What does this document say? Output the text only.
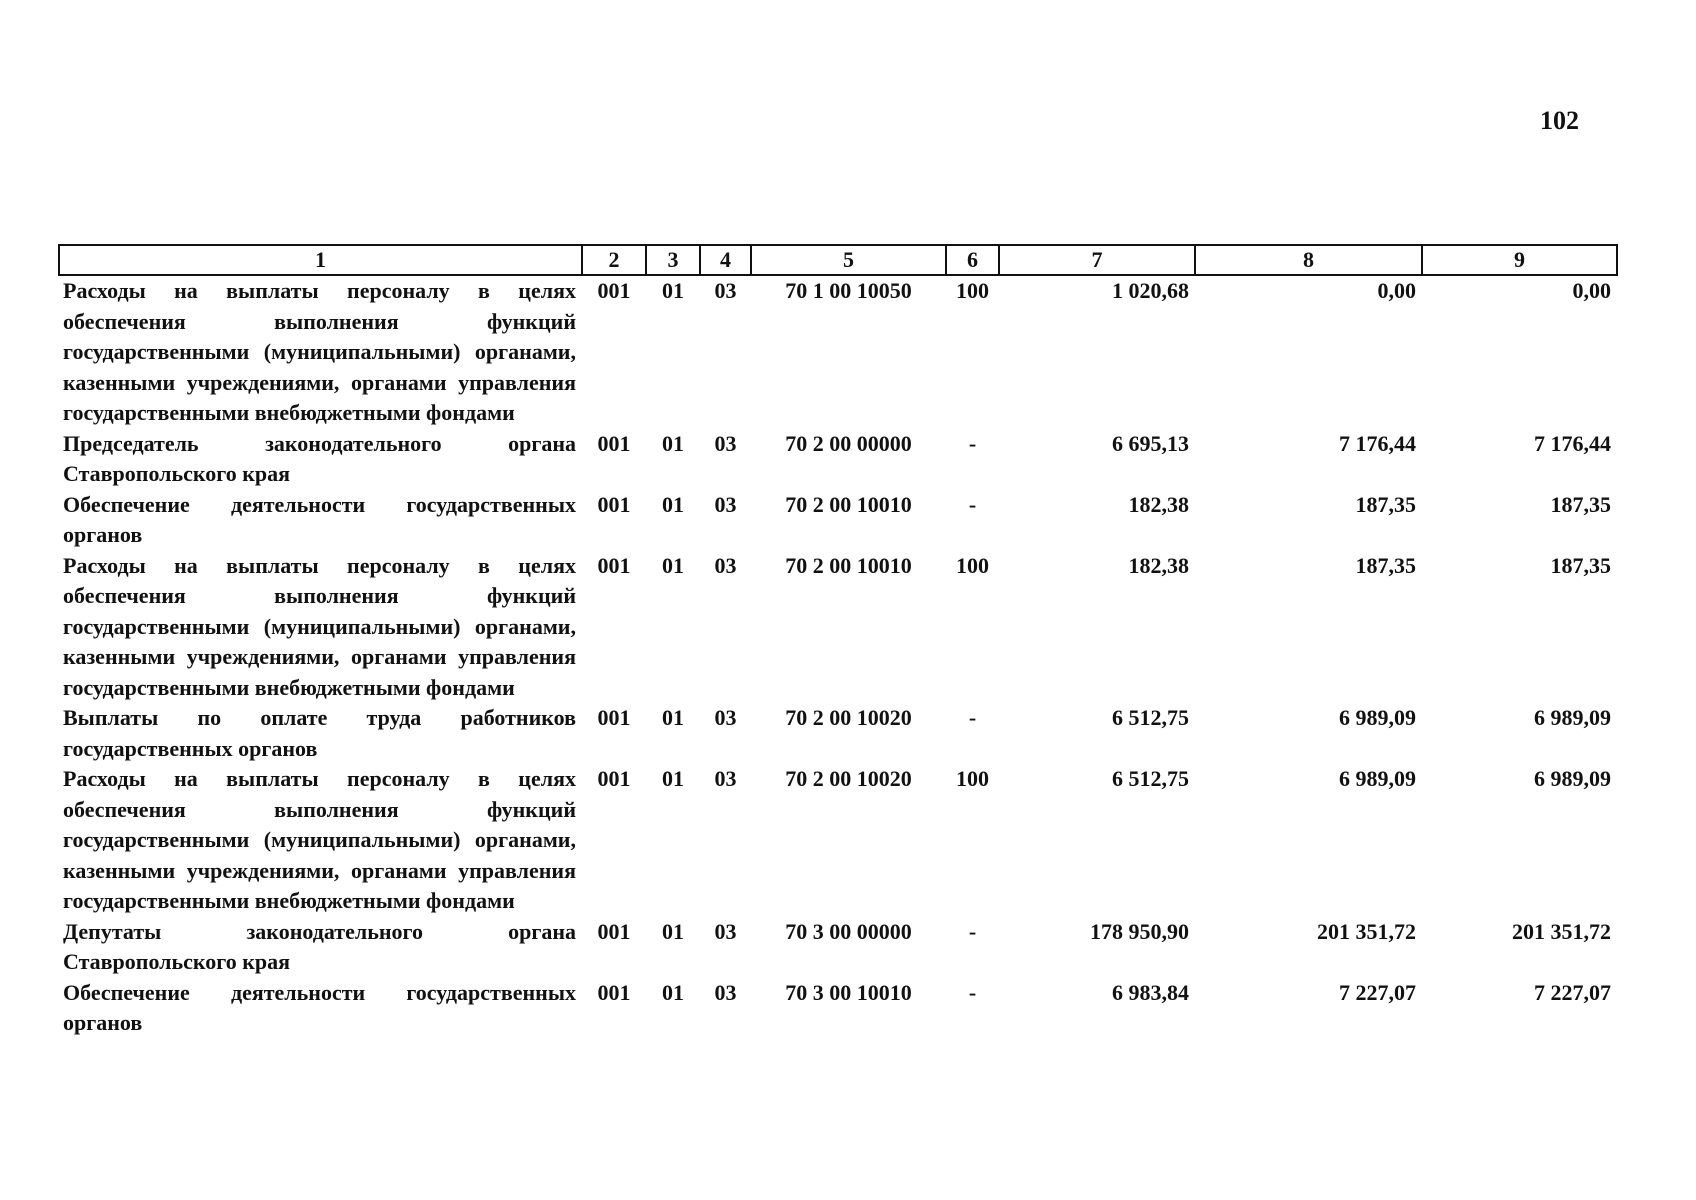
102
1	2	3	4	5	6	7	8	9
Расходы на выплаты персоналу в целях обеспечения выполнения функций государственными (муниципальными) органами, казенными учреждениями, органами управления государственными внебюджетными фондами	001	01	03	70 1 00 10050	100	1 020,68	0,00	0,00
Председатель законодательного органа Ставропольского края	001	01	03	70 2 00 00000	-	6 695,13	7 176,44	7 176,44
Обеспечение деятельности государственных органов	001	01	03	70 2 00 10010	-	182,38	187,35	187,35
Расходы на выплаты персоналу в целях обеспечения выполнения функций государственными (муниципальными) органами, казенными учреждениями, органами управления государственными внебюджетными фондами	001	01	03	70 2 00 10010	100	182,38	187,35	187,35
Выплаты по оплате труда работников государственных органов	001	01	03	70 2 00 10020	-	6 512,75	6 989,09	6 989,09
Расходы на выплаты персоналу в целях обеспечения выполнения функций государственными (муниципальными) органами, казенными учреждениями, органами управления государственными внебюджетными фондами	001	01	03	70 2 00 10020	100	6 512,75	6 989,09	6 989,09
Депутаты законодательного органа Ставропольского края	001	01	03	70 3 00 00000	-	178 950,90	201 351,72	201 351,72
Обеспечение деятельности государственных органов	001	01	03	70 3 00 10010	-	6 983,84	7 227,07	7 227,07
